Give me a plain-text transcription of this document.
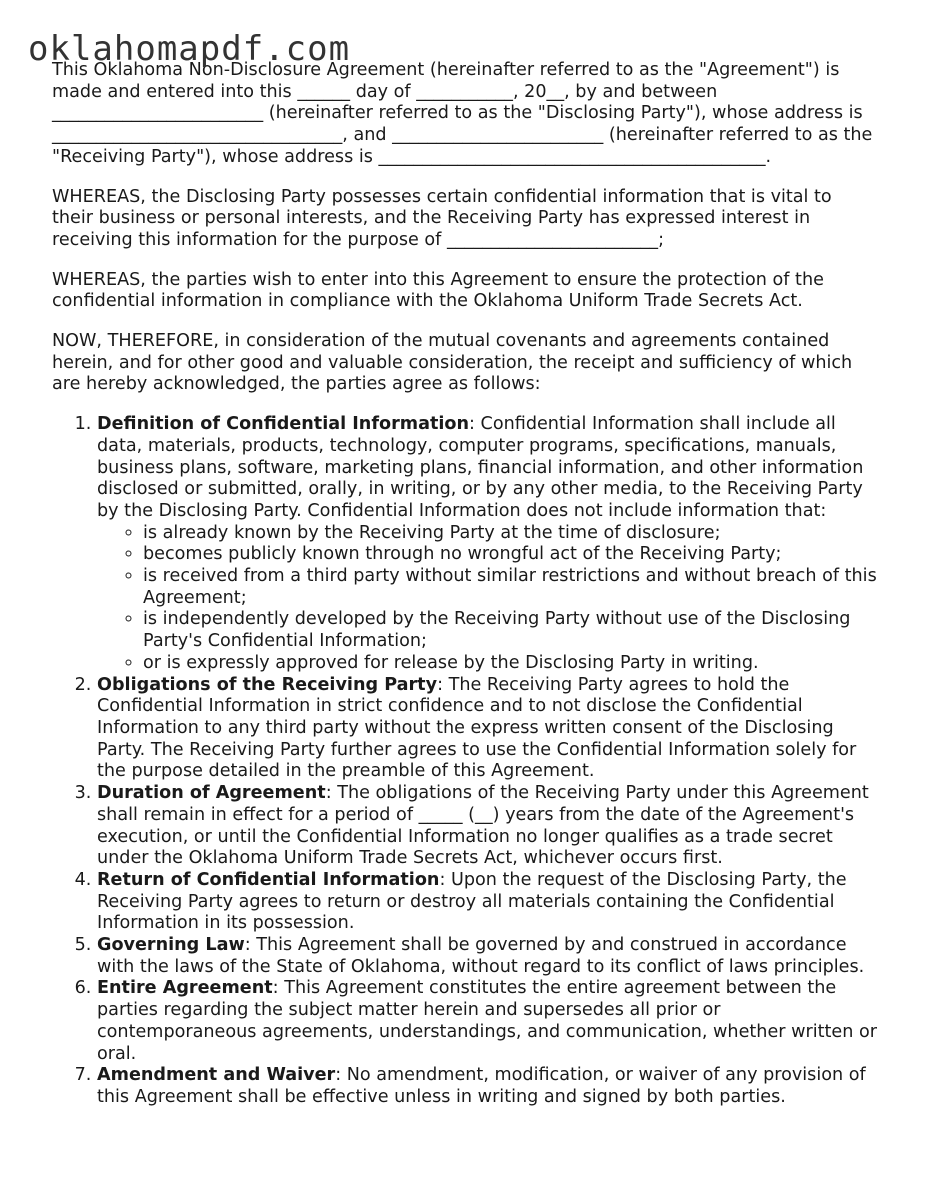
oklahomapdf.com

This Oklahoma Non-Disclosure Agreement (hereinafter referred to as the "Agreement") is made and entered into this ______ day of ___________, 20__, by and between ________________________ (hereinafter referred to as the "Disclosing Party"), whose address is _________________________________, and ________________________ (hereinafter referred to as the "Receiving Party"), whose address is ____________________________________________.

WHEREAS, the Disclosing Party possesses certain confidential information that is vital to their business or personal interests, and the Receiving Party has expressed interest in receiving this information for the purpose of ________________________;

WHEREAS, the parties wish to enter into this Agreement to ensure the protection of the confidential information in compliance with the Oklahoma Uniform Trade Secrets Act.

NOW, THEREFORE, in consideration of the mutual covenants and agreements contained herein, and for other good and valuable consideration, the receipt and sufficiency of which are hereby acknowledged, the parties agree as follows:

1. Definition of Confidential Information: Confidential Information shall include all data, materials, products, technology, computer programs, specifications, manuals, business plans, software, marketing plans, financial information, and other information disclosed or submitted, orally, in writing, or by any other media, to the Receiving Party by the Disclosing Party. Confidential Information does not include information that:
◦ is already known by the Receiving Party at the time of disclosure;
◦ becomes publicly known through no wrongful act of the Receiving Party;
◦ is received from a third party without similar restrictions and without breach of this Agreement;
◦ is independently developed by the Receiving Party without use of the Disclosing Party's Confidential Information;
◦ or is expressly approved for release by the Disclosing Party in writing.
2. Obligations of the Receiving Party: The Receiving Party agrees to hold the Confidential Information in strict confidence and to not disclose the Confidential Information to any third party without the express written consent of the Disclosing Party. The Receiving Party further agrees to use the Confidential Information solely for the purpose detailed in the preamble of this Agreement.
3. Duration of Agreement: The obligations of the Receiving Party under this Agreement shall remain in effect for a period of _____ (__) years from the date of the Agreement's execution, or until the Confidential Information no longer qualifies as a trade secret under the Oklahoma Uniform Trade Secrets Act, whichever occurs first.
4. Return of Confidential Information: Upon the request of the Disclosing Party, the Receiving Party agrees to return or destroy all materials containing the Confidential Information in its possession.
5. Governing Law: This Agreement shall be governed by and construed in accordance with the laws of the State of Oklahoma, without regard to its conflict of laws principles.
6. Entire Agreement: This Agreement constitutes the entire agreement between the parties regarding the subject matter herein and supersedes all prior or contemporaneous agreements, understandings, and communication, whether written or oral.
7. Amendment and Waiver: No amendment, modification, or waiver of any provision of this Agreement shall be effective unless in writing and signed by both parties.
